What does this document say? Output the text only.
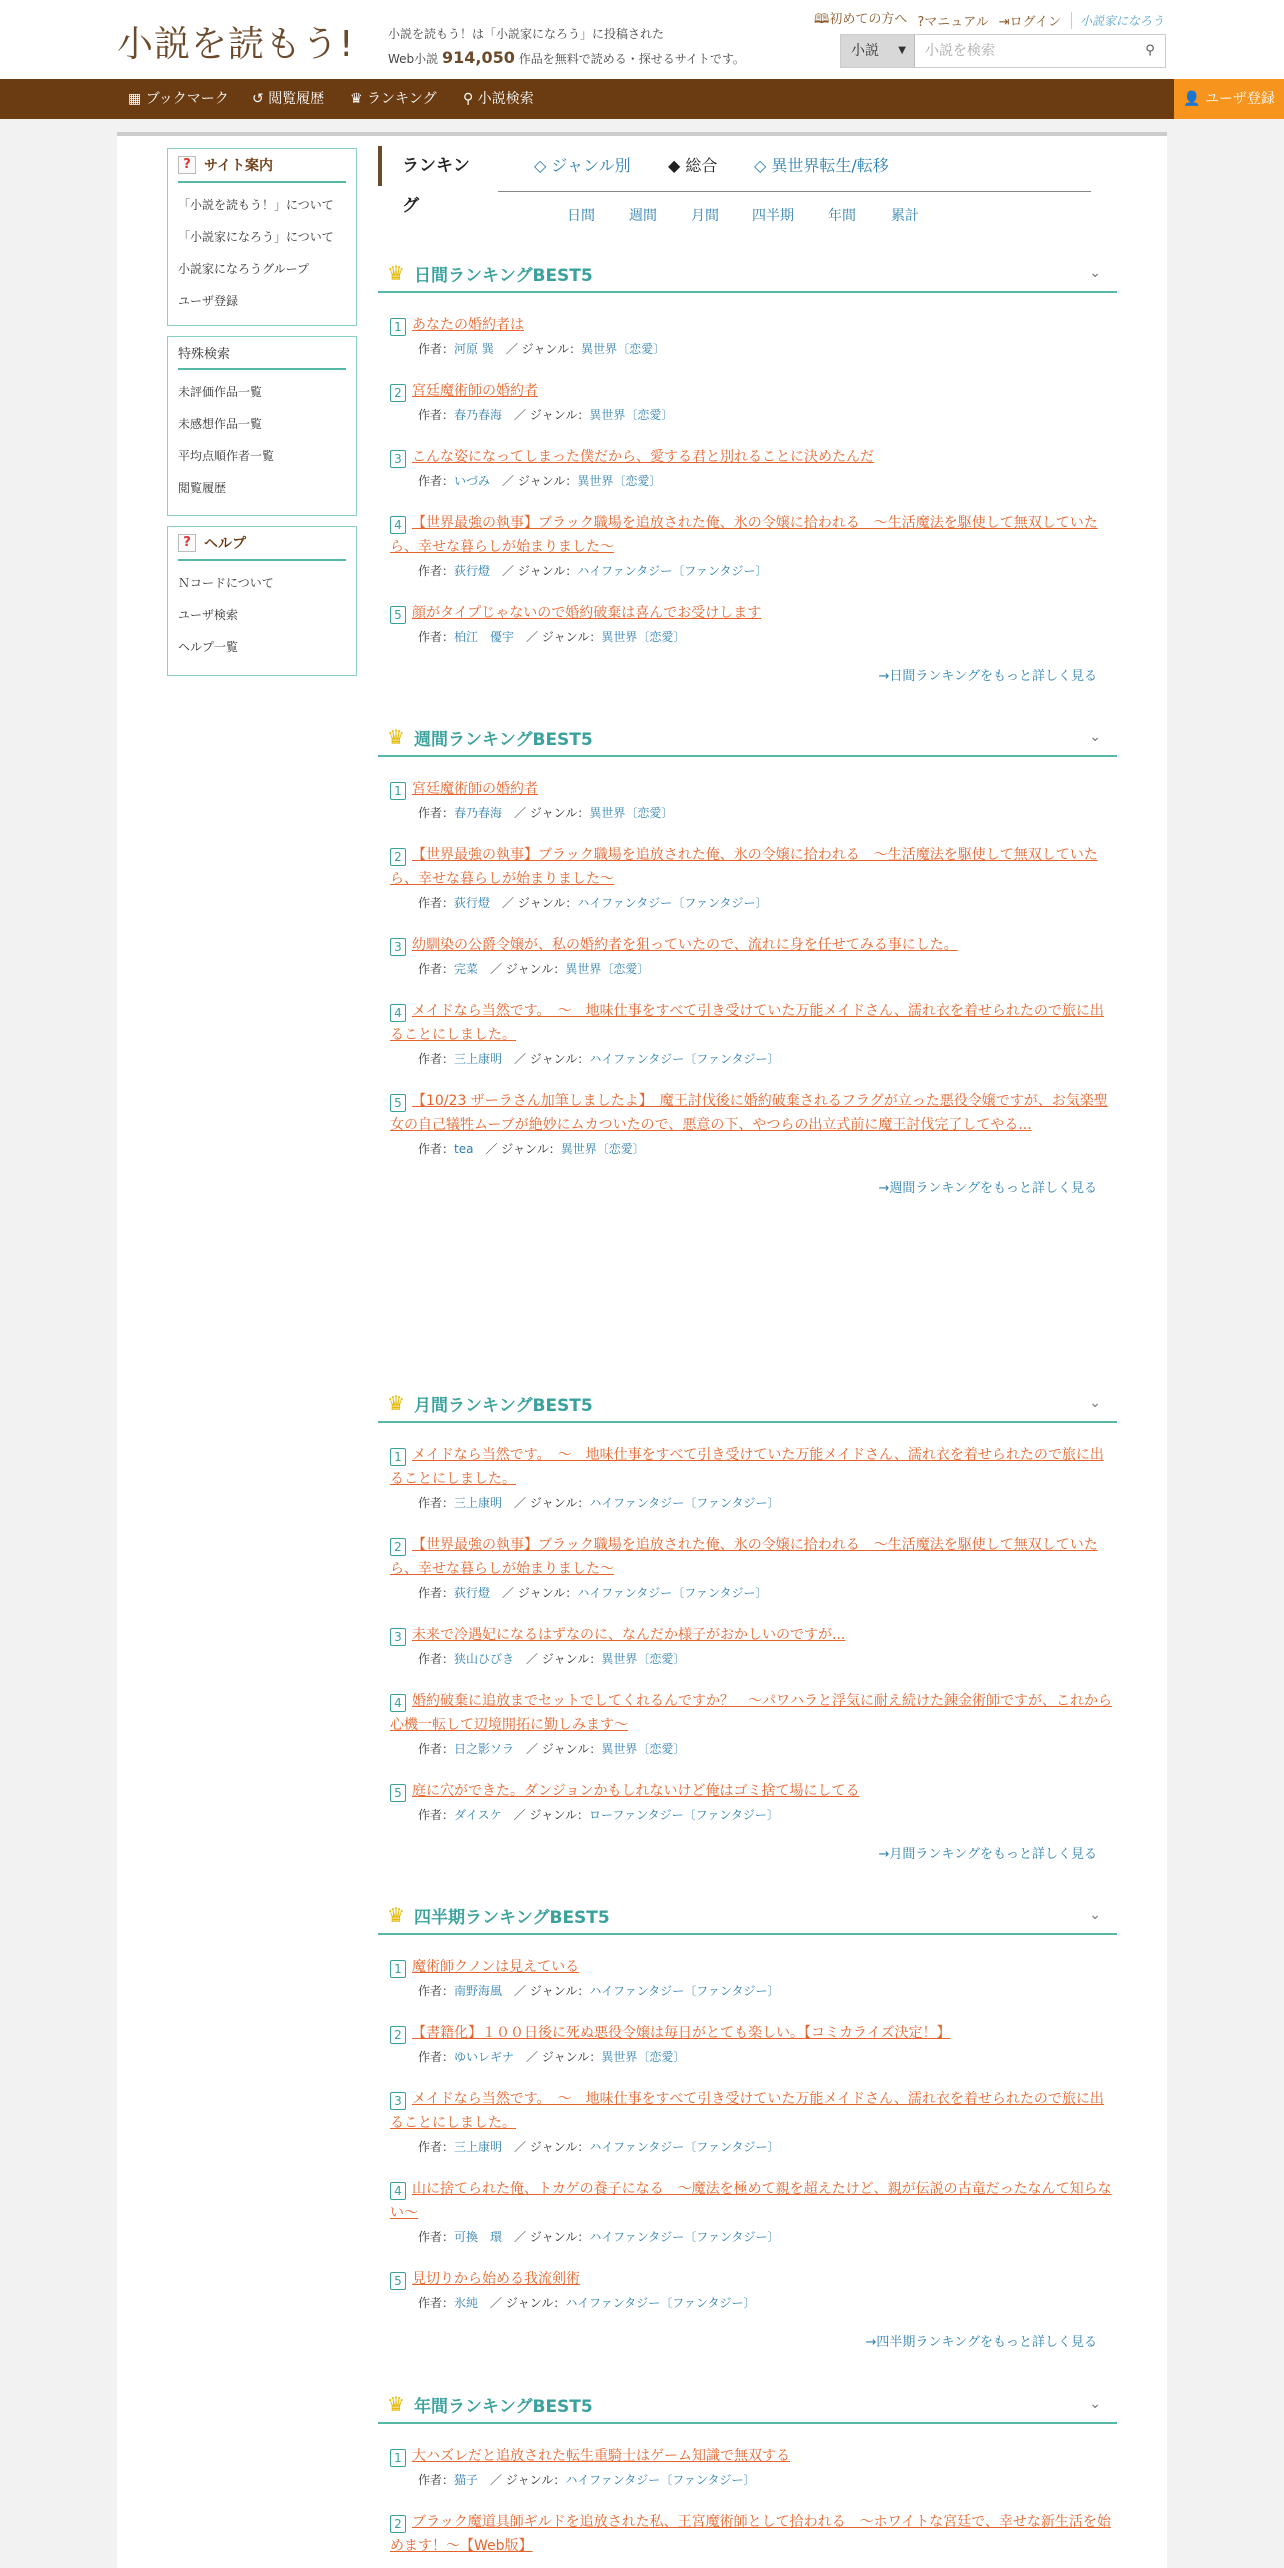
小説を読もう!	小説を読もう！は「小説家になろう」に投稿された
Web小説 914,050 作品を無料で読める・探せるサイトです。
🕮初めての方へ ?マニュアル ⇥ログイン	小説家になろう
小説 ▼	小説を検索	⚲
▦ ブックマーク ↺ 閲覧履歴 ♛ ランキング ⚲ 小説検索	👤 ユーザ登録
? サイト案内
「小説を読もう！」について
「小説家になろう」について
小説家になろうグループ
ユーザ登録
特殊検索
未評価作品一覧
未感想作品一覧
平均点順作者一覧
閲覧履歴
? ヘルプ
Ｎコードについて
ユーザ検索
ヘルプ一覧
ランキング
◇ ジャンル別 ◆ 総合 ◇ 異世界転生/転移
日間 週間 月間 四半期 年間	累計
♛ 日間ランキングBEST5	⌄
1 あなたの婚約者は
作者：河原 巽　 ／ ジャンル：異世界〔恋愛〕
2 宮廷魔術師の婚約者
作者：春乃春海　 ／ ジャンル：異世界〔恋愛〕
3 こんな姿になってしまった僕だから、愛する君と別れることに決めたんだ
作者：いづみ　 ／ ジャンル：異世界〔恋愛〕
4 【世界最強の執事】ブラック職場を追放された俺、氷の令嬢に拾われる　～生活魔法を駆使して無双していたら、幸せな暮らしが始まりました～
作者：荻行燈　 ／ ジャンル：ハイファンタジー〔ファンタジー〕
5 顔がタイプじゃないので婚約破棄は喜んでお受けします
作者：柏江　優宇　 ／ ジャンル：異世界〔恋愛〕
→日間ランキングをもっと詳しく見る
♛ 週間ランキングBEST5	⌄
1 宮廷魔術師の婚約者
作者：春乃春海　 ／ ジャンル：異世界〔恋愛〕
2 【世界最強の執事】ブラック職場を追放された俺、氷の令嬢に拾われる　～生活魔法を駆使して無双していたら、幸せな暮らしが始まりました～
作者：荻行燈　 ／ ジャンル：ハイファンタジー〔ファンタジー〕
3 幼馴染の公爵令嬢が、私の婚約者を狙っていたので、流れに身を任せてみる事にした。
作者：完菜　 ／ ジャンル：異世界〔恋愛〕
4 メイドなら当然です。　～　地味仕事をすべて引き受けていた万能メイドさん、濡れ衣を着せられたので旅に出ることにしました。
作者：三上康明　 ／ ジャンル：ハイファンタジー〔ファンタジー〕
5 【10/23 ザーラさん加筆しましたよ】　魔王討伐後に婚約破棄されるフラグが立った悪役令嬢ですが、お気楽聖女の自己犠牲ムーブが絶妙にムカついたので、悪意の下、やつらの出立式前に魔王討伐完了してやる...
作者：tea　 ／ ジャンル：異世界〔恋愛〕
→週間ランキングをもっと詳しく見る
♛ 月間ランキングBEST5	⌄
1 メイドなら当然です。　～　地味仕事をすべて引き受けていた万能メイドさん、濡れ衣を着せられたので旅に出ることにしました。
作者：三上康明　 ／ ジャンル：ハイファンタジー〔ファンタジー〕
2 【世界最強の執事】ブラック職場を追放された俺、氷の令嬢に拾われる　～生活魔法を駆使して無双していたら、幸せな暮らしが始まりました～
作者：荻行燈　 ／ ジャンル：ハイファンタジー〔ファンタジー〕
3 未来で冷遇妃になるはずなのに、なんだか様子がおかしいのですが...
作者：狭山ひびき　 ／ ジャンル：異世界〔恋愛〕
4 婚約破棄に追放までセットでしてくれるんですか？　～パワハラと浮気に耐え続けた錬金術師ですが、これから心機一転して辺境開拓に勤しみます～
作者：日之影ソラ　 ／ ジャンル：異世界〔恋愛〕
5 庭に穴ができた。ダンジョンかもしれないけど俺はゴミ捨て場にしてる
作者：ダイスケ　 ／ ジャンル：ローファンタジー〔ファンタジー〕
→月間ランキングをもっと詳しく見る
♛ 四半期ランキングBEST5	⌄
1 魔術師クノンは見えている
作者：南野海風　 ／ ジャンル：ハイファンタジー〔ファンタジー〕
2 【書籍化】１００日後に死ぬ悪役令嬢は毎日がとても楽しい。【コミカライズ決定！】
作者：ゆいレギナ　 ／ ジャンル：異世界〔恋愛〕
3 メイドなら当然です。　～　地味仕事をすべて引き受けていた万能メイドさん、濡れ衣を着せられたので旅に出ることにしました。
作者：三上康明　 ／ ジャンル：ハイファンタジー〔ファンタジー〕
4 山に捨てられた俺、トカゲの養子になる　～魔法を極めて親を超えたけど、親が伝説の古竜だったなんて知らない～
作者：可換　環　 ／ ジャンル：ハイファンタジー〔ファンタジー〕
5 見切りから始める我流剣術
作者：氷純　 ／ ジャンル：ハイファンタジー〔ファンタジー〕
→四半期ランキングをもっと詳しく見る
♛ 年間ランキングBEST5	⌄
1 大ハズレだと追放された転生重騎士はゲーム知識で無双する
作者：猫子　 ／ ジャンル：ハイファンタジー〔ファンタジー〕
2 ブラック魔道具師ギルドを追放された私、王宮魔術師として拾われる　～ホワイトな宮廷で、幸せな新生活を始めます！～【Web版】
